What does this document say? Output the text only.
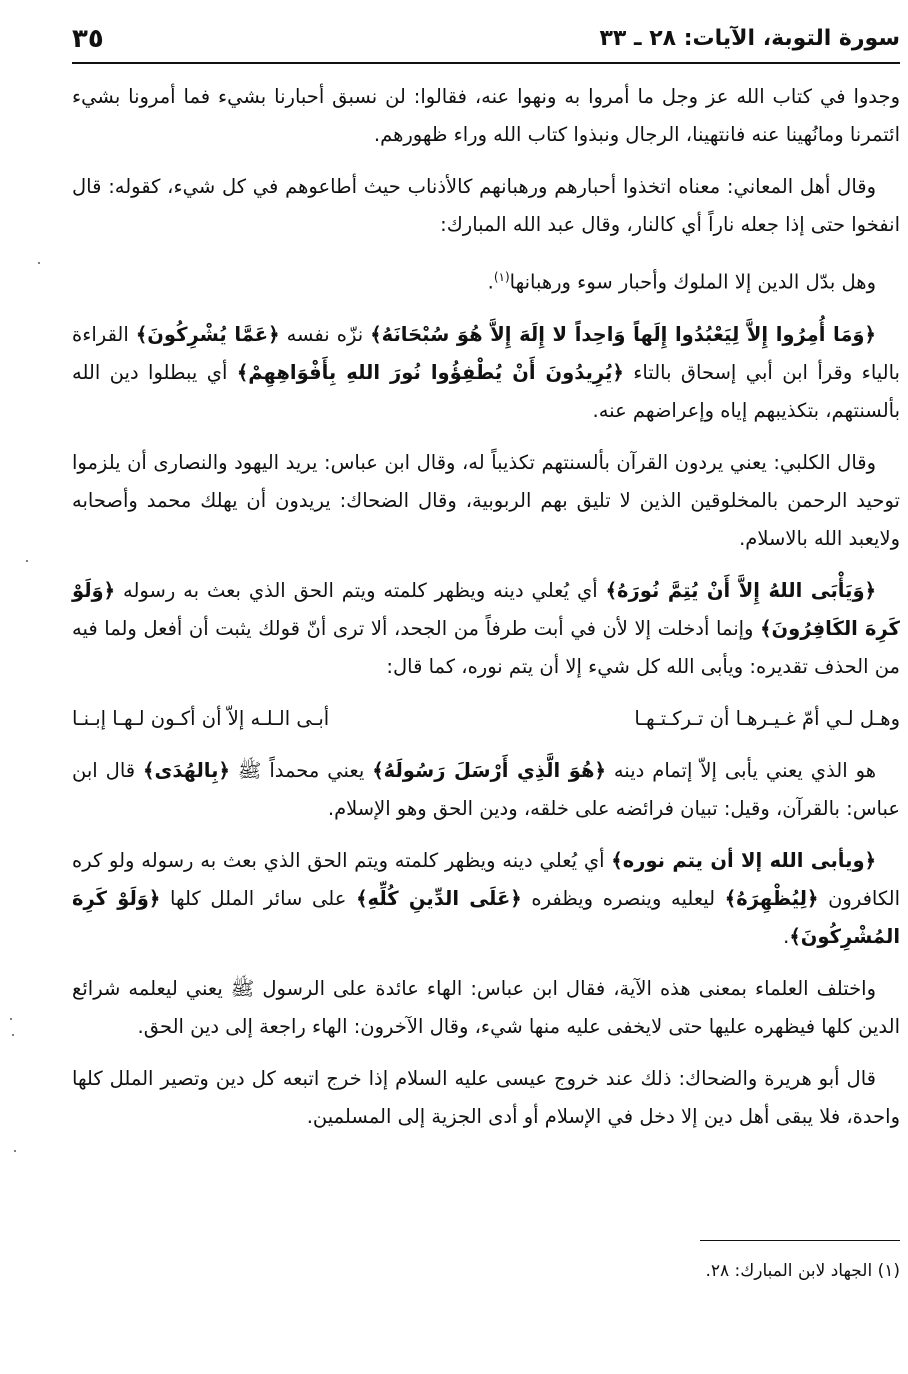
سورة التوبة، الآيات: ٢٨ ـ ٣٣
٣٥

وجدوا في كتاب الله عز وجل ما أمروا به ونهوا عنه، فقالوا: لن نسبق أحبارنا بشيء فما أمرونا بشيء ائتمرنا ومانُهينا عنه فانتهينا، الرجال ونبذوا كتاب الله وراء ظهورهم.

وقال أهل المعاني: معناه اتخذوا أحبارهم ورهبانهم كالأذناب حيث أطاعوهم في كل شيء، كقوله: قال انفخوا حتى إذا جعله ناراً أي كالنار، وقال عبد الله المبارك:

وهل بدّل الدين إلا الملوك وأحبار سوء ورهبانها$^{(١)}$.

﴿وَمَا أُمِرُوا إِلاَّ لِيَعْبُدُوا إِلَهاً وَاحِداً لا إِلَهَ إِلاَّ هُوَ سُبْحَانَهُ﴾ نزّه نفسه ﴿عَمَّا يُشْرِكُونَ﴾ القراءة بالياء وقرأ ابن أبي إسحاق بالتاء ﴿يُرِيدُونَ أَنْ يُطْفِؤُوا نُورَ اللهِ بِأَفْوَاهِهِمْ﴾ أي يبطلوا دين الله بألسنتهم، بتكذيبهم إياه وإعراضهم عنه.

وقال الكلبي: يعني يردون القرآن بألسنتهم تكذيباً له، وقال ابن عباس: يريد اليهود والنصارى أن يلزموا توحيد الرحمن بالمخلوقين الذين لا تليق بهم الربوبية، وقال الضحاك: يريدون أن يهلك محمد وأصحابه ولايعبد الله بالاسلام.

﴿وَيَأْبَى اللهُ إِلاَّ أَنْ يُتِمَّ نُورَهُ﴾ أي يُعلي دينه ويظهر كلمته ويتم الحق الذي بعث به رسوله ﴿وَلَوْ كَرِهَ الكَافِرُونَ﴾ وإنما أدخلت إلا لأن في أبت طرفاً من الجحد، ألا ترى أنّ قولك يثبت أن أفعل ولما فيه من الحذف تقديره: ويأبى الله كل شيء إلا أن يتم نوره، كما قال:

وهـل لـي أمّ غـيـرهـا أن تـركـتـهـا
أبـى الـلـه إلاّ أن أكـون لـهـا إبـنـا

هو الذي يعني يأبى إلاّ إتمام دينه ﴿هُوَ الَّذِي أَرْسَلَ رَسُولَهُ﴾ يعني محمداً ﷺ ﴿بِالهُدَى﴾ قال ابن عباس: بالقرآن، وقيل: تبيان فرائضه على خلقه، ودين الحق وهو الإسلام.

﴿ويأبى الله إلا أن يتم نوره﴾ أي يُعلي دينه ويظهر كلمته ويتم الحق الذي بعث به رسوله ولو كره الكافرون ﴿لِيُظْهِرَهُ﴾ ليعليه وينصره ويظفره ﴿عَلَى الدِّينِ كُلِّهِ﴾ على سائر الملل كلها ﴿وَلَوْ كَرِهَ المُشْرِكُونَ﴾.

واختلف العلماء بمعنى هذه الآية، فقال ابن عباس: الهاء عائدة على الرسول ﷺ يعني ليعلمه شرائع الدين كلها فيظهره عليها حتى لايخفى عليه منها شيء، وقال الآخرون: الهاء راجعة إلى دين الحق.

قال أبو هريرة والضحاك: ذلك عند خروج عيسى عليه السلام إذا خرج اتبعه كل دين وتصير الملل كلها واحدة، فلا يبقى أهل دين إلا دخل في الإسلام أو أدى الجزية إلى المسلمين.

(١) الجهاد لابن المبارك: ٢٨.
